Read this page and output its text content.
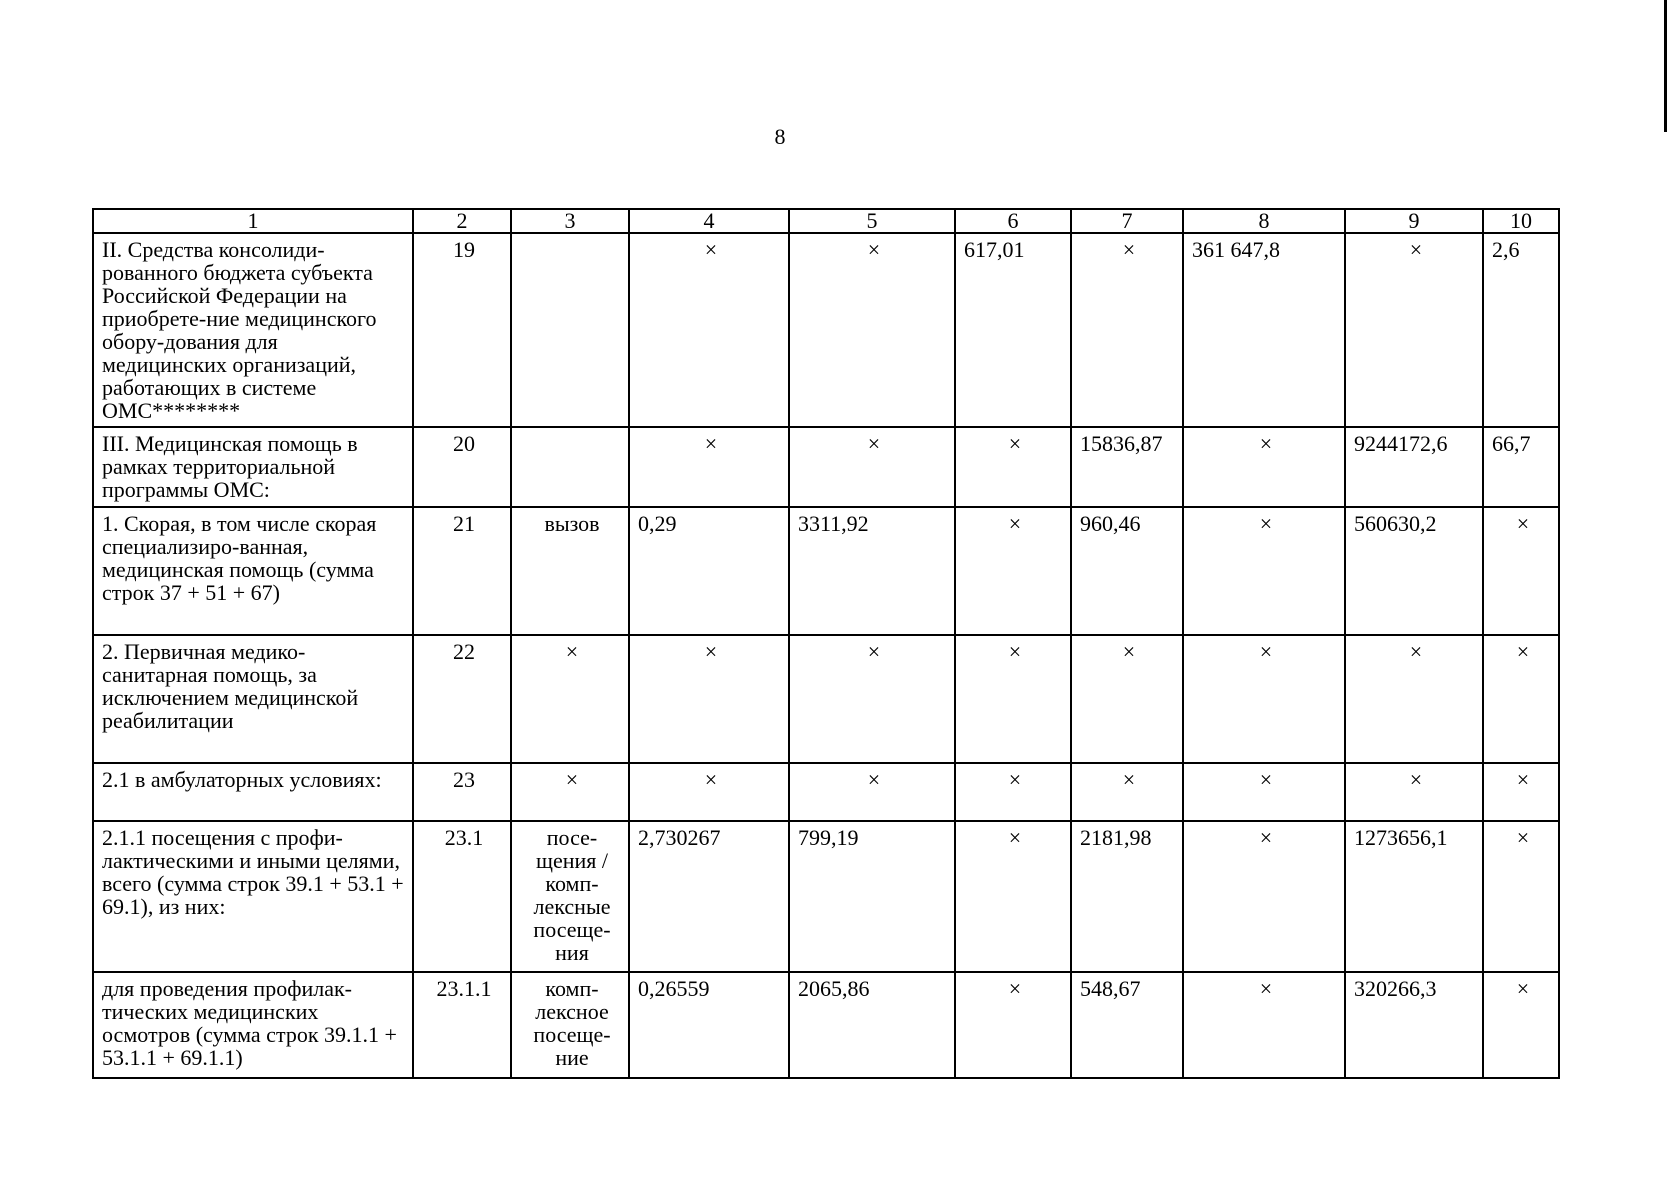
8
1	2	3	4	5	6	7	8	9	10
II. Средства консолиди-рованного бюджета субъекта Российской Федерации на приобрете-ние медицинского обору-дования для медицинских организаций, работающих в системе ОМС********	19		×	×	617,01	×	361 647,8	×	2,6
III. Медицинская помощь в рамках территориальной программы ОМС:	20		×	×	×	15836,87	×	9244172,6	66,7
1. Скорая, в том числе скорая специализиро-ванная, медицинская помощь (сумма строк 37 + 51 + 67)	21	вызов	0,29	3311,92	×	960,46	×	560630,2	×
2. Первичная медико-санитарная помощь, за исключением медицинской реабилитации	22	×	×	×	×	×	×	×	×
2.1 в амбулаторных условиях:	23	×	×	×	×	×	×	×	×
2.1.1 посещения с профи-лактическими и иными целями, всего (сумма строк 39.1 + 53.1 + 69.1), из них:	23.1	посе-щения / комп-лексные посеще-ния	2,730267	799,19	×	2181,98	×	1273656,1	×
для проведения профилак-тических медицинских осмотров (сумма строк 39.1.1 + 53.1.1 + 69.1.1)	23.1.1	комп-лексное посеще-ние	0,26559	2065,86	×	548,67	×	320266,3	×
